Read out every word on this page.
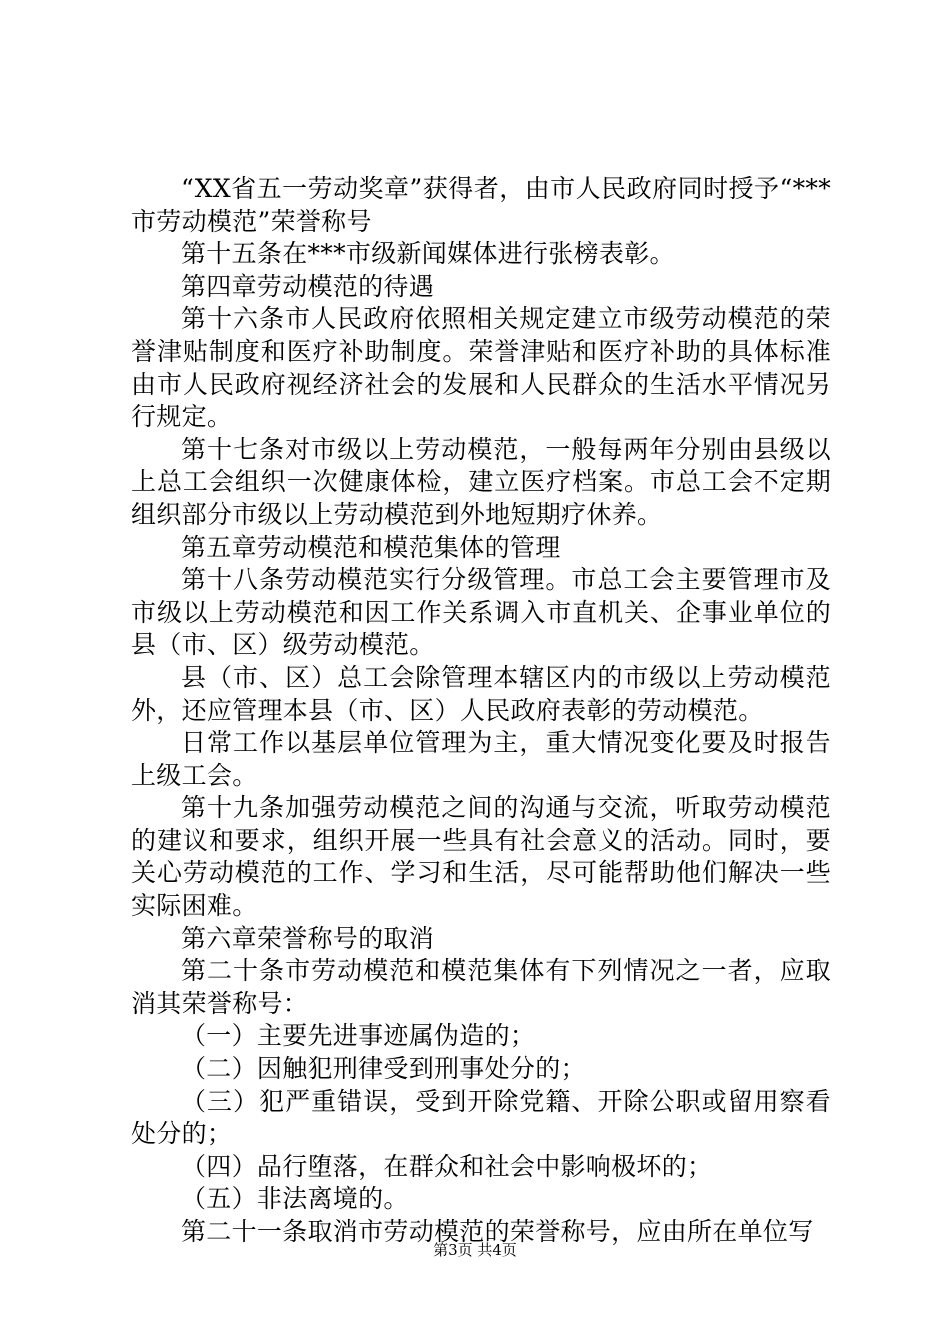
“XX省五一劳动奖章”获得者，由市人民政府同时授予“***市劳动模范”荣誉称号

第十五条在***市级新闻媒体进行张榜表彰。

第四章劳动模范的待遇

第十六条市人民政府依照相关规定建立市级劳动模范的荣誉津贴制度和医疗补助制度。荣誉津贴和医疗补助的具体标准由市人民政府视经济社会的发展和人民群众的生活水平情况另行规定。

第十七条对市级以上劳动模范，一般每两年分别由县级以上总工会组织一次健康体检，建立医疗档案。市总工会不定期组织部分市级以上劳动模范到外地短期疗休养。

第五章劳动模范和模范集体的管理

第十八条劳动模范实行分级管理。市总工会主要管理市及市级以上劳动模范和因工作关系调入市直机关、企事业单位的县（市、区）级劳动模范。

县（市、区）总工会除管理本辖区内的市级以上劳动模范外，还应管理本县（市、区）人民政府表彰的劳动模范。

日常工作以基层单位管理为主，重大情况变化要及时报告上级工会。

第十九条加强劳动模范之间的沟通与交流，听取劳动模范的建议和要求，组织开展一些具有社会意义的活动。同时，要关心劳动模范的工作、学习和生活，尽可能帮助他们解决一些实际困难。

第六章荣誉称号的取消

第二十条市劳动模范和模范集体有下列情况之一者，应取消其荣誉称号：

（一）主要先进事迹属伪造的；

（二）因触犯刑律受到刑事处分的；

（三）犯严重错误，受到开除党籍、开除公职或留用察看处分的；

（四）品行堕落，在群众和社会中影响极坏的；

（五）非法离境的。

第二十一条取消市劳动模范的荣誉称号，应由所在单位写

第3页 共4页
